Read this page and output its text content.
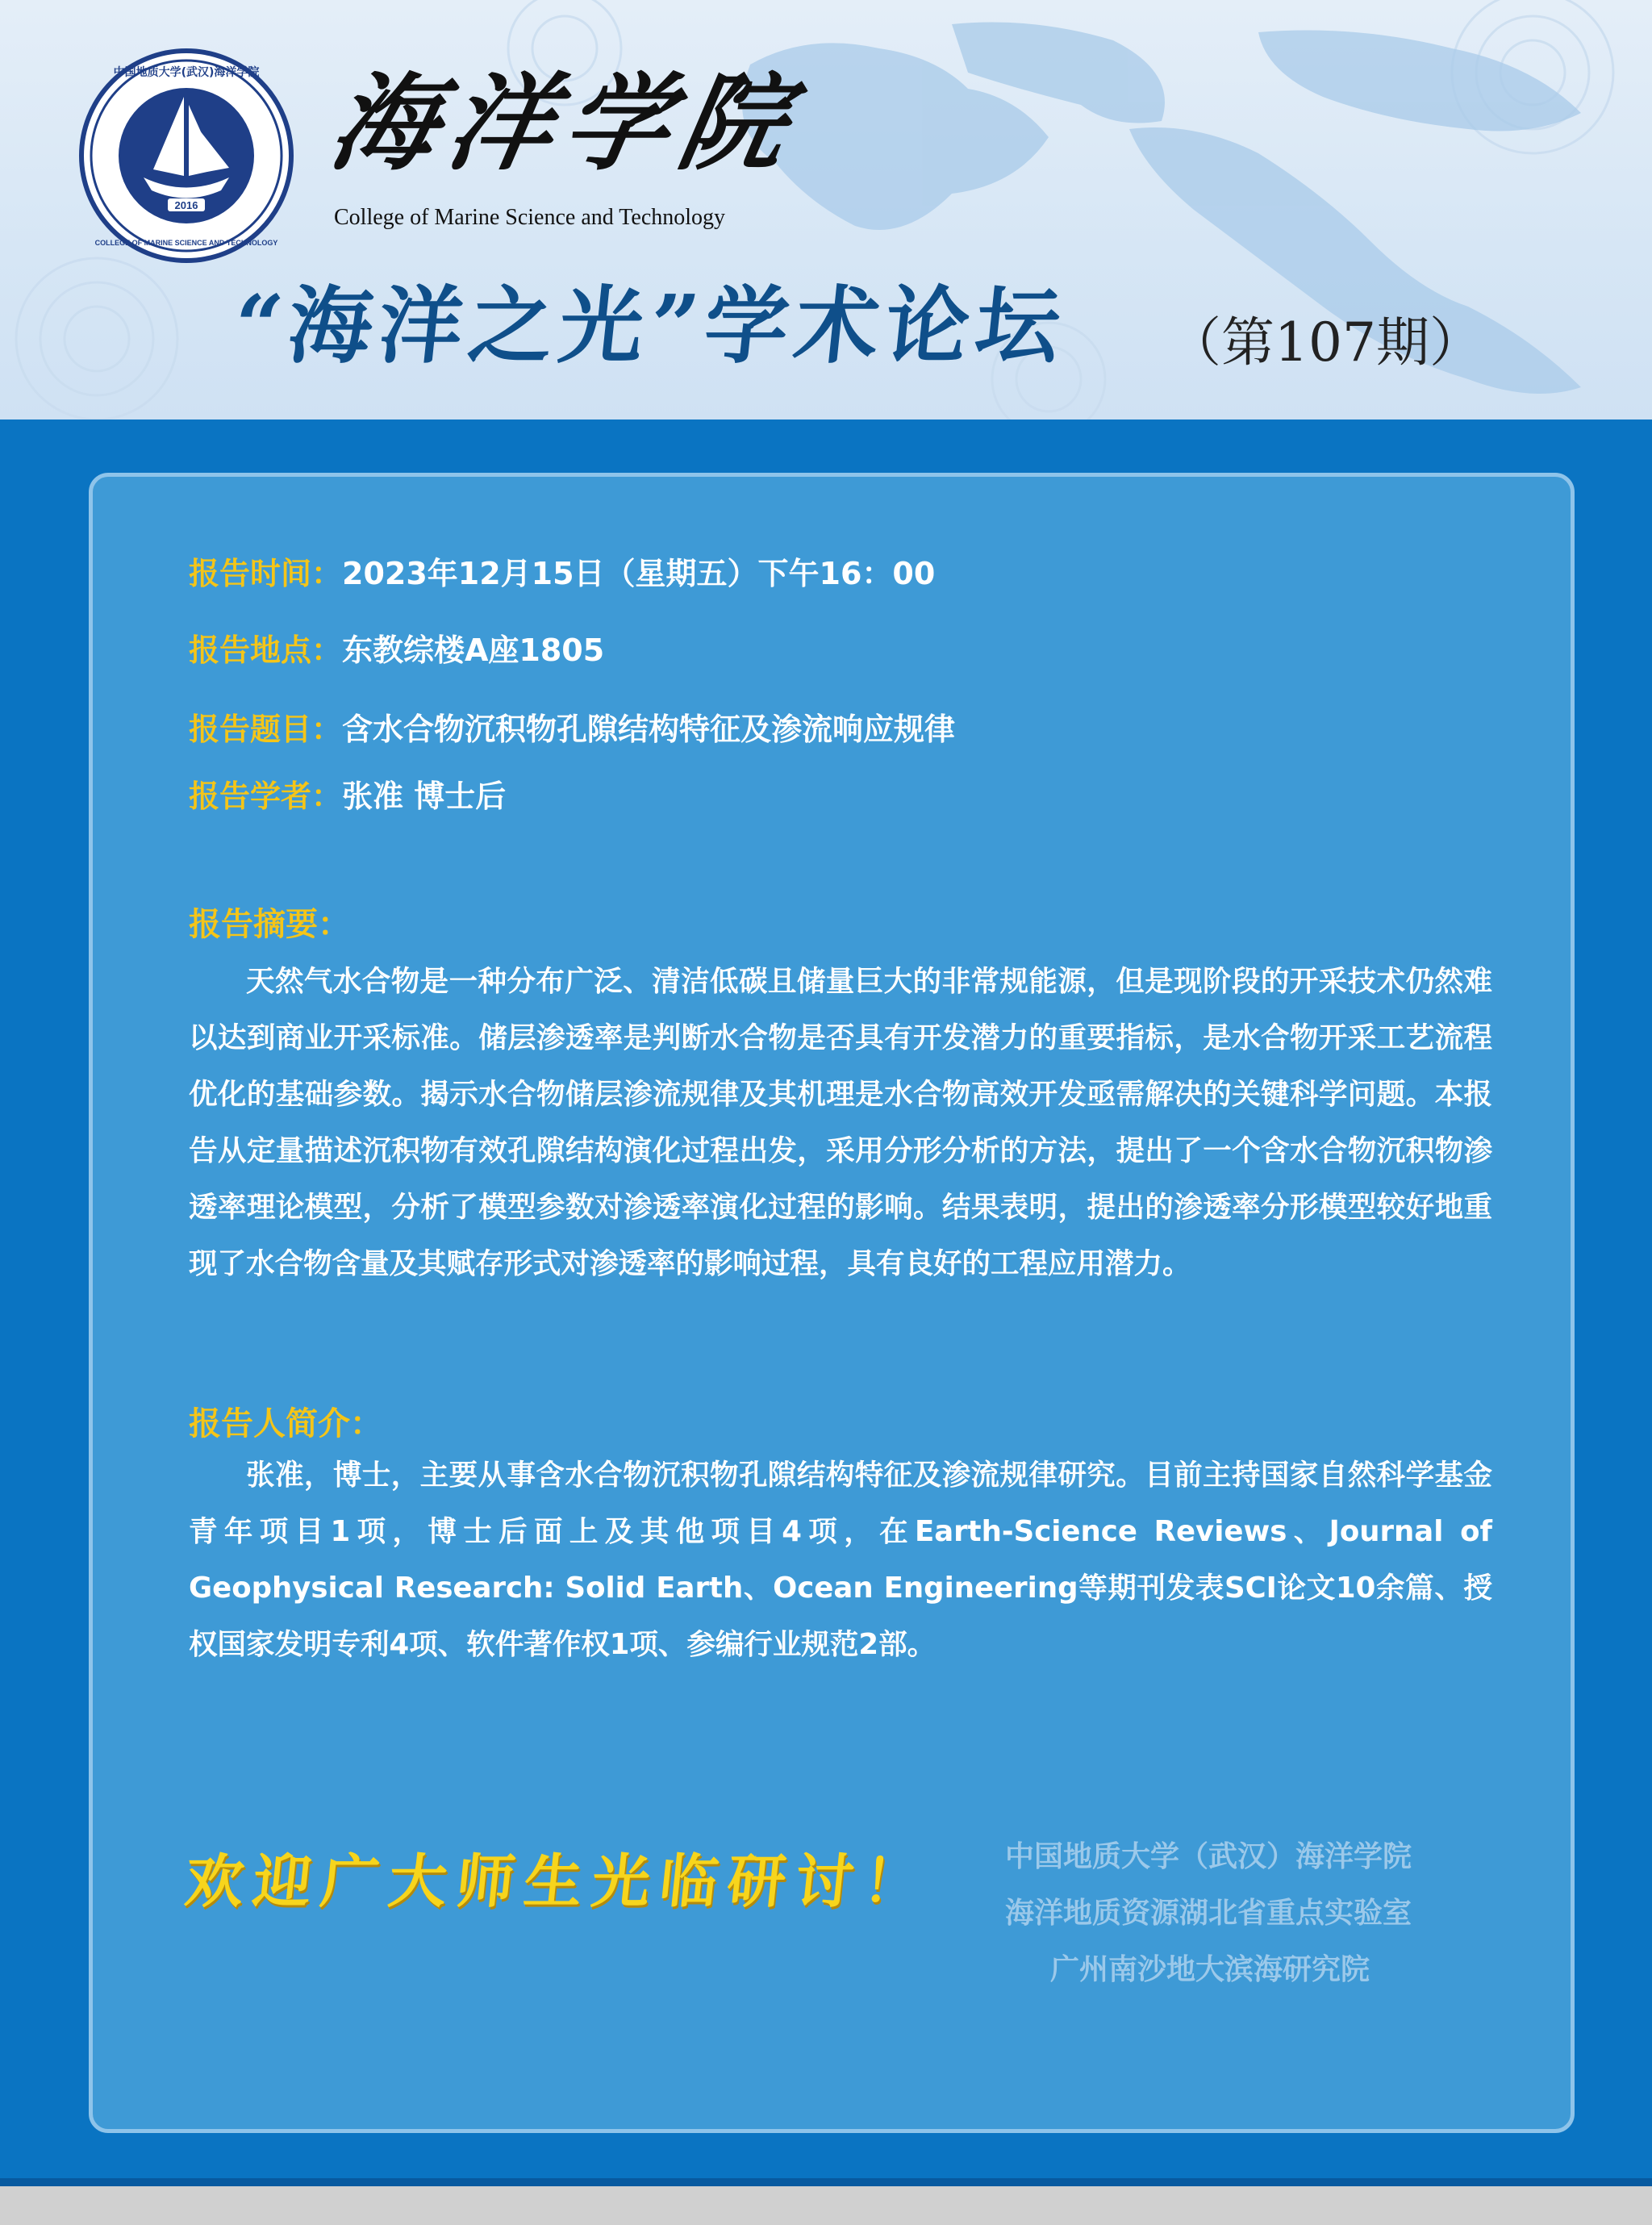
2016
中国地质大学(武汉)海洋学院
COLLEGE OF MARINE SCIENCE AND TECHNOLOGY
海洋学院
College of Marine Science and Technology
“海洋之光”学术论坛 （第107期）
报告时间：2023年12月15日（星期五）下午16：00
报告地点：东教综楼A座1805
报告题目：含水合物沉积物孔隙结构特征及渗流响应规律
报告学者：张准 博士后
报告摘要：

天然气水合物是一种分布广泛、清洁低碳且储量巨大的非常规能源，但是现阶段的开采技术仍然难以达到商业开采标准。储层渗透率是判断水合物是否具有开发潜力的重要指标，是水合物开采工艺流程优化的基础参数。揭示水合物储层渗流规律及其机理是水合物高效开发亟需解决的关键科学问题。本报告从定量描述沉积物有效孔隙结构演化过程出发，采用分形分析的方法，提出了一个含水合物沉积物渗透率理论模型，分析了模型参数对渗透率演化过程的影响。结果表明，提出的渗透率分形模型较好地重现了水合物含量及其赋存形式对渗透率的影响过程，具有良好的工程应用潜力。

报告人简介：

张准，博士，主要从事含水合物沉积物孔隙结构特征及渗流规律研究。目前主持国家自然科学基金青年项目1项，博士后面上及其他项目4项，在Earth-Science Reviews、Journal of Geophysical Research: Solid Earth、Ocean Engineering等期刊发表SCI论文10余篇、授权国家发明专利4项、软件著作权1项、参编行业规范2部。

欢迎广大师生光临研讨！ 中国地质大学（武汉）海洋学院
海洋地质资源湖北省重点实验室
广州南沙地大滨海研究院
